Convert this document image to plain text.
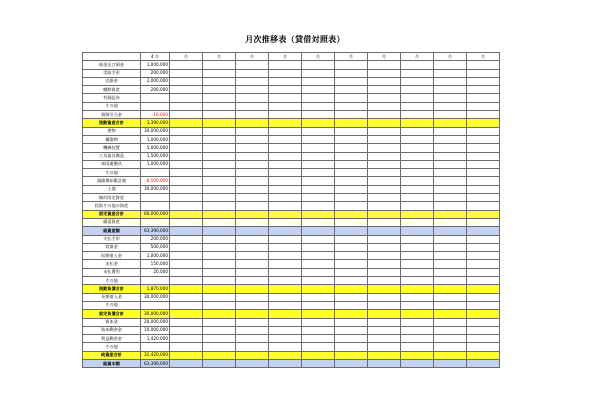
月次推移表（貸借対照表）
	4 月	月	月	月	月	月	月	月	月	月	月
現金及び預金	1,000,000										
受取手形	200,000										
売掛金	2,000,000										
棚卸資産	200,000										
有価証券											
その他											
貸倒引当金	-10,000										
流動資産合計	3,390,000										
建物	30,000,000										
構築物	1,000,000										
機械装置	5,000,000										
工具器具備品	1,500,000										
車両運搬具	1,000,000										
その他											
減価償却累計額	-8,500,000										
土地	30,000,000										
無形固定資産											
投資その他の資産											
固定資産合計	60,000,000										
繰延資産											
総資産額	63,390,000										
支払手形	200,000										
買掛金	500,000										
短期借入金	1,000,000										
未払金	150,000										
未払費用	20,000										
その他											
流動負債合計	1,870,000										
長期借入金	30,000,000										
その他											
固定負債合計	30,000,000										
資本金	20,000,000										
資本剰余金	10,000,000										
利益剰余金	1,420,000										
その他											
純資産合計	31,420,000										
総資本額	63,390,000										
